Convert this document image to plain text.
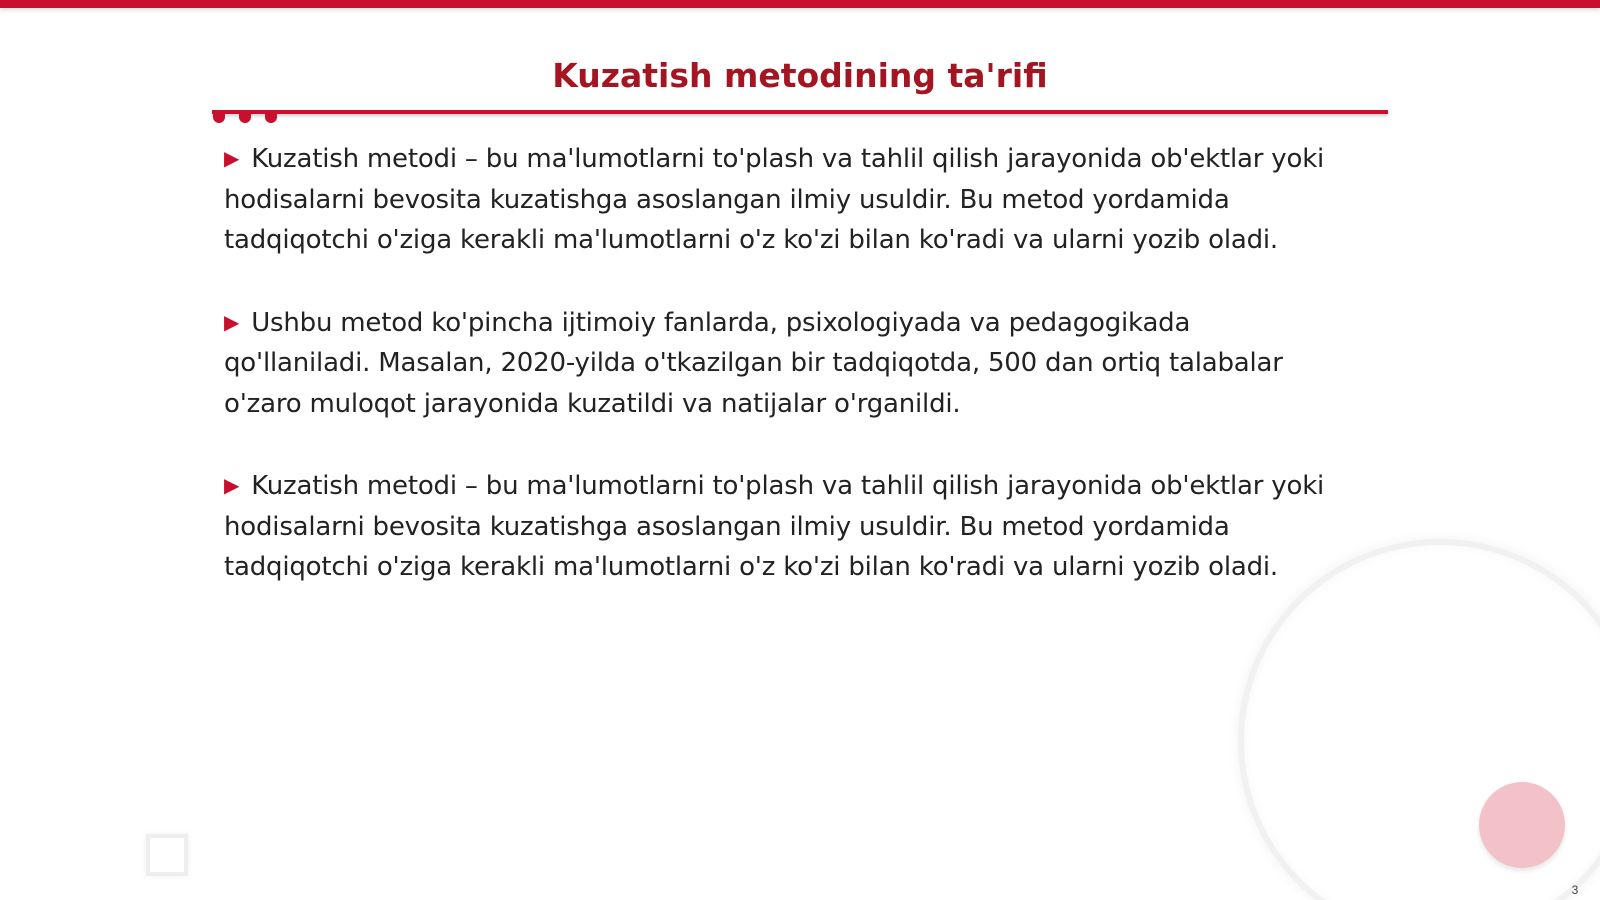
Kuzatish metodining ta'rifi

▶ Kuzatish metodi – bu ma'lumotlarni to'plash va tahlil qilish jarayonida ob'ektlar yoki hodisalarni bevosita kuzatishga asoslangan ilmiy usuldir. Bu metod yordamida tadqiqotchi o'ziga kerakli ma'lumotlarni o'z ko'zi bilan ko'radi va ularni yozib oladi.

▶ Ushbu metod ko'pincha ijtimoiy fanlarda, psixologiyada va pedagogikada qo'llaniladi. Masalan, 2020-yilda o'tkazilgan bir tadqiqotda, 500 dan ortiq talabalar o'zaro muloqot jarayonida kuzatildi va natijalar o'rganildi.

▶ Kuzatish metodi – bu ma'lumotlarni to'plash va tahlil qilish jarayonida ob'ektlar yoki hodisalarni bevosita kuzatishga asoslangan ilmiy usuldir. Bu metod yordamida tadqiqotchi o'ziga kerakli ma'lumotlarni o'z ko'zi bilan ko'radi va ularni yozib oladi.

3
